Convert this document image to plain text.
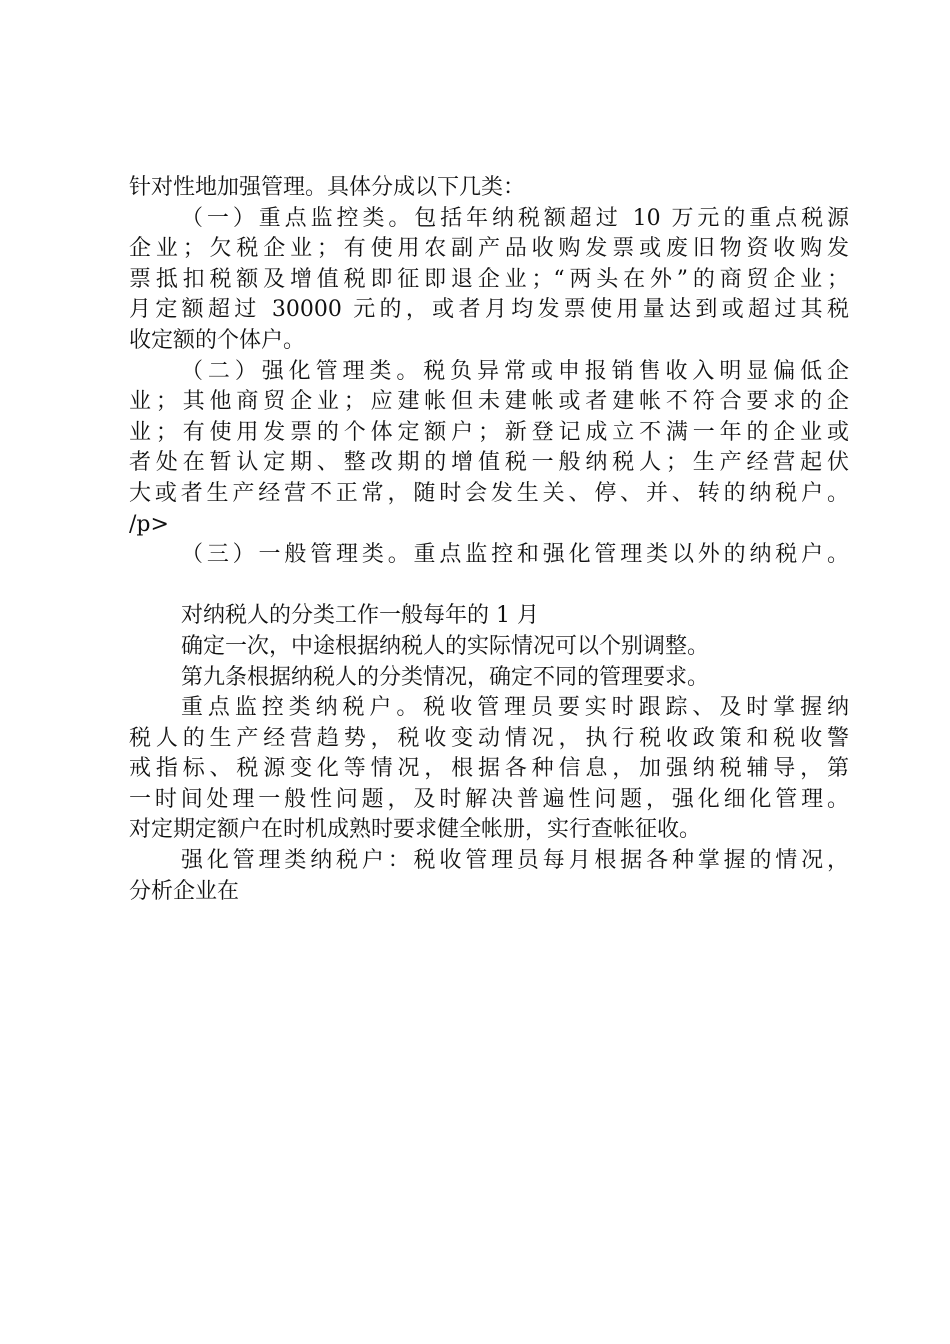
针对性地加强管理。具体分成以下几类：
（一）重点监控类。包括年纳税额超过 10 万元的重点税源
企业；欠税企业；有使用农副产品收购发票或废旧物资收购发
票抵扣税额及增值税即征即退企业；“两头在外”的商贸企业；
月定额超过 30000 元的，或者月均发票使用量达到或超过其税
收定额的个体户。
（二）强化管理类。税负异常或申报销售收入明显偏低企
业；其他商贸企业；应建帐但未建帐或者建帐不符合要求的企
业；有使用发票的个体定额户；新登记成立不满一年的企业或
者处在暂认定期、整改期的增值税一般纳税人；生产经营起伏
大或者生产经营不正常，随时会发生关、停、并、转的纳税户。
/p>
（三）一般管理类。重点监控和强化管理类以外的纳税户。
对纳税人的分类工作一般每年的 1 月
确定一次，中途根据纳税人的实际情况可以个别调整。
第九条根据纳税人的分类情况，确定不同的管理要求。
重点监控类纳税户。税收管理员要实时跟踪、及时掌握纳
税人的生产经营趋势，税收变动情况，执行税收政策和税收警
戒指标、税源变化等情况，根据各种信息，加强纳税辅导，第
一时间处理一般性问题，及时解决普遍性问题，强化细化管理。
对定期定额户在时机成熟时要求健全帐册，实行查帐征收。
强化管理类纳税户：税收管理员每月根据各种掌握的情况，
分析企业在
